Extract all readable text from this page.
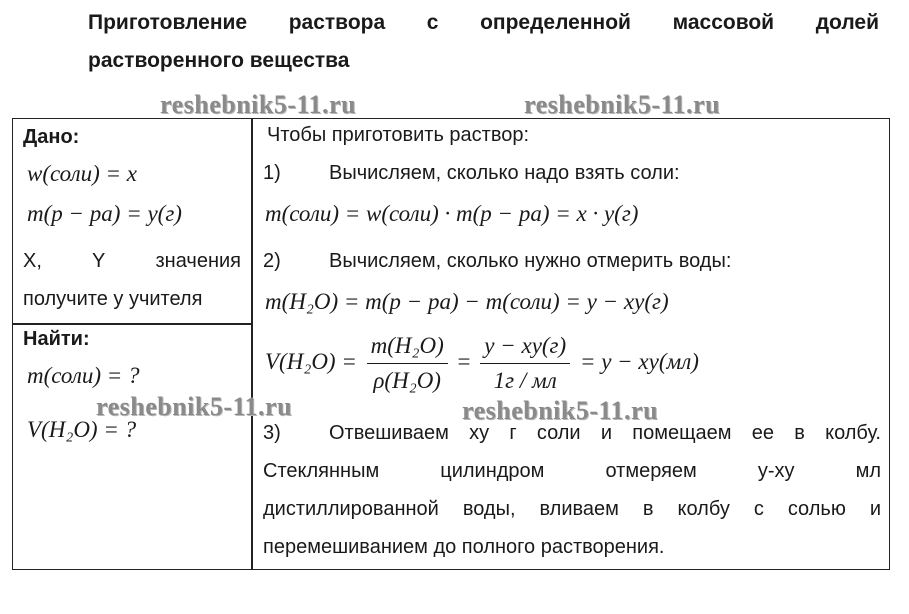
Приготовление раствора с определенной массовой долей
растворенного вещества
reshebnik5-11.ru	reshebnik5-11.ru
reshebnik5-11.ru	reshebnik5-11.ru
Дано:
w(соли) = x
m(p − pa) = y(г)
X, Y значения
получите у учителя
Найти:
m(соли) = ?
V(H₂O) = ?
Чтобы приготовить раствор:
1) Вычисляем, сколько надо взять соли:
m(соли) = w(соли) · m(p − pa) = x · y(г)
2) Вычисляем, сколько нужно отмерить воды:
m(H₂O) = m(p − pa) − m(соли) = y − xy(г)
$V(H_2O) = \frac{\text{m(H₂O)}}{\text{ρ(H₂O)}} = \frac{y - xy(г)}{1г / мл} = y - xy(мл)$
3) Отвешиваем ху г соли и помещаем ее в колбу.
Стеклянным цилиндром отмеряем у-ху мл
дистиллированной воды, вливаем в колбу с солью и
перемешиванием до полного растворения.
